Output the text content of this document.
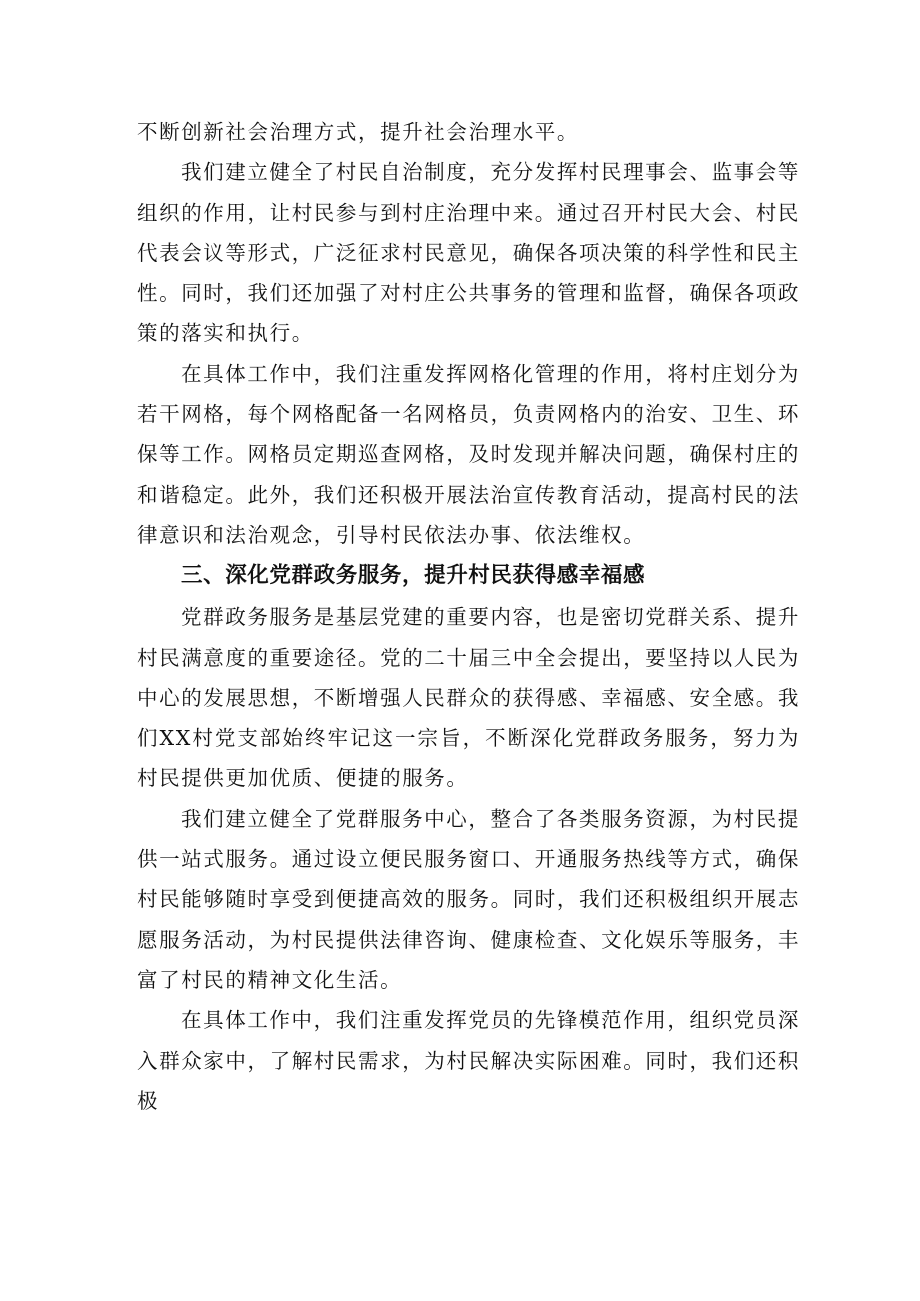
不断创新社会治理方式，提升社会治理水平。

我们建立健全了村民自治制度，充分发挥村民理事会、监事会等组织的作用，让村民参与到村庄治理中来。通过召开村民大会、村民代表会议等形式，广泛征求村民意见，确保各项决策的科学性和民主性。同时，我们还加强了对村庄公共事务的管理和监督，确保各项政策的落实和执行。

在具体工作中，我们注重发挥网格化管理的作用，将村庄划分为若干网格，每个网格配备一名网格员，负责网格内的治安、卫生、环保等工作。网格员定期巡查网格，及时发现并解决问题，确保村庄的和谐稳定。此外，我们还积极开展法治宣传教育活动，提高村民的法律意识和法治观念，引导村民依法办事、依法维权。

三、深化党群政务服务，提升村民获得感幸福感

党群政务服务是基层党建的重要内容，也是密切党群关系、提升村民满意度的重要途径。党的二十届三中全会提出，要坚持以人民为中心的发展思想，不断增强人民群众的获得感、幸福感、安全感。我们XX村党支部始终牢记这一宗旨，不断深化党群政务服务，努力为村民提供更加优质、便捷的服务。

我们建立健全了党群服务中心，整合了各类服务资源，为村民提供一站式服务。通过设立便民服务窗口、开通服务热线等方式，确保村民能够随时享受到便捷高效的服务。同时，我们还积极组织开展志愿服务活动，为村民提供法律咨询、健康检查、文化娱乐等服务，丰富了村民的精神文化生活。

在具体工作中，我们注重发挥党员的先锋模范作用，组织党员深入群众家中，了解村民需求，为村民解决实际困难。同时，我们还积极
